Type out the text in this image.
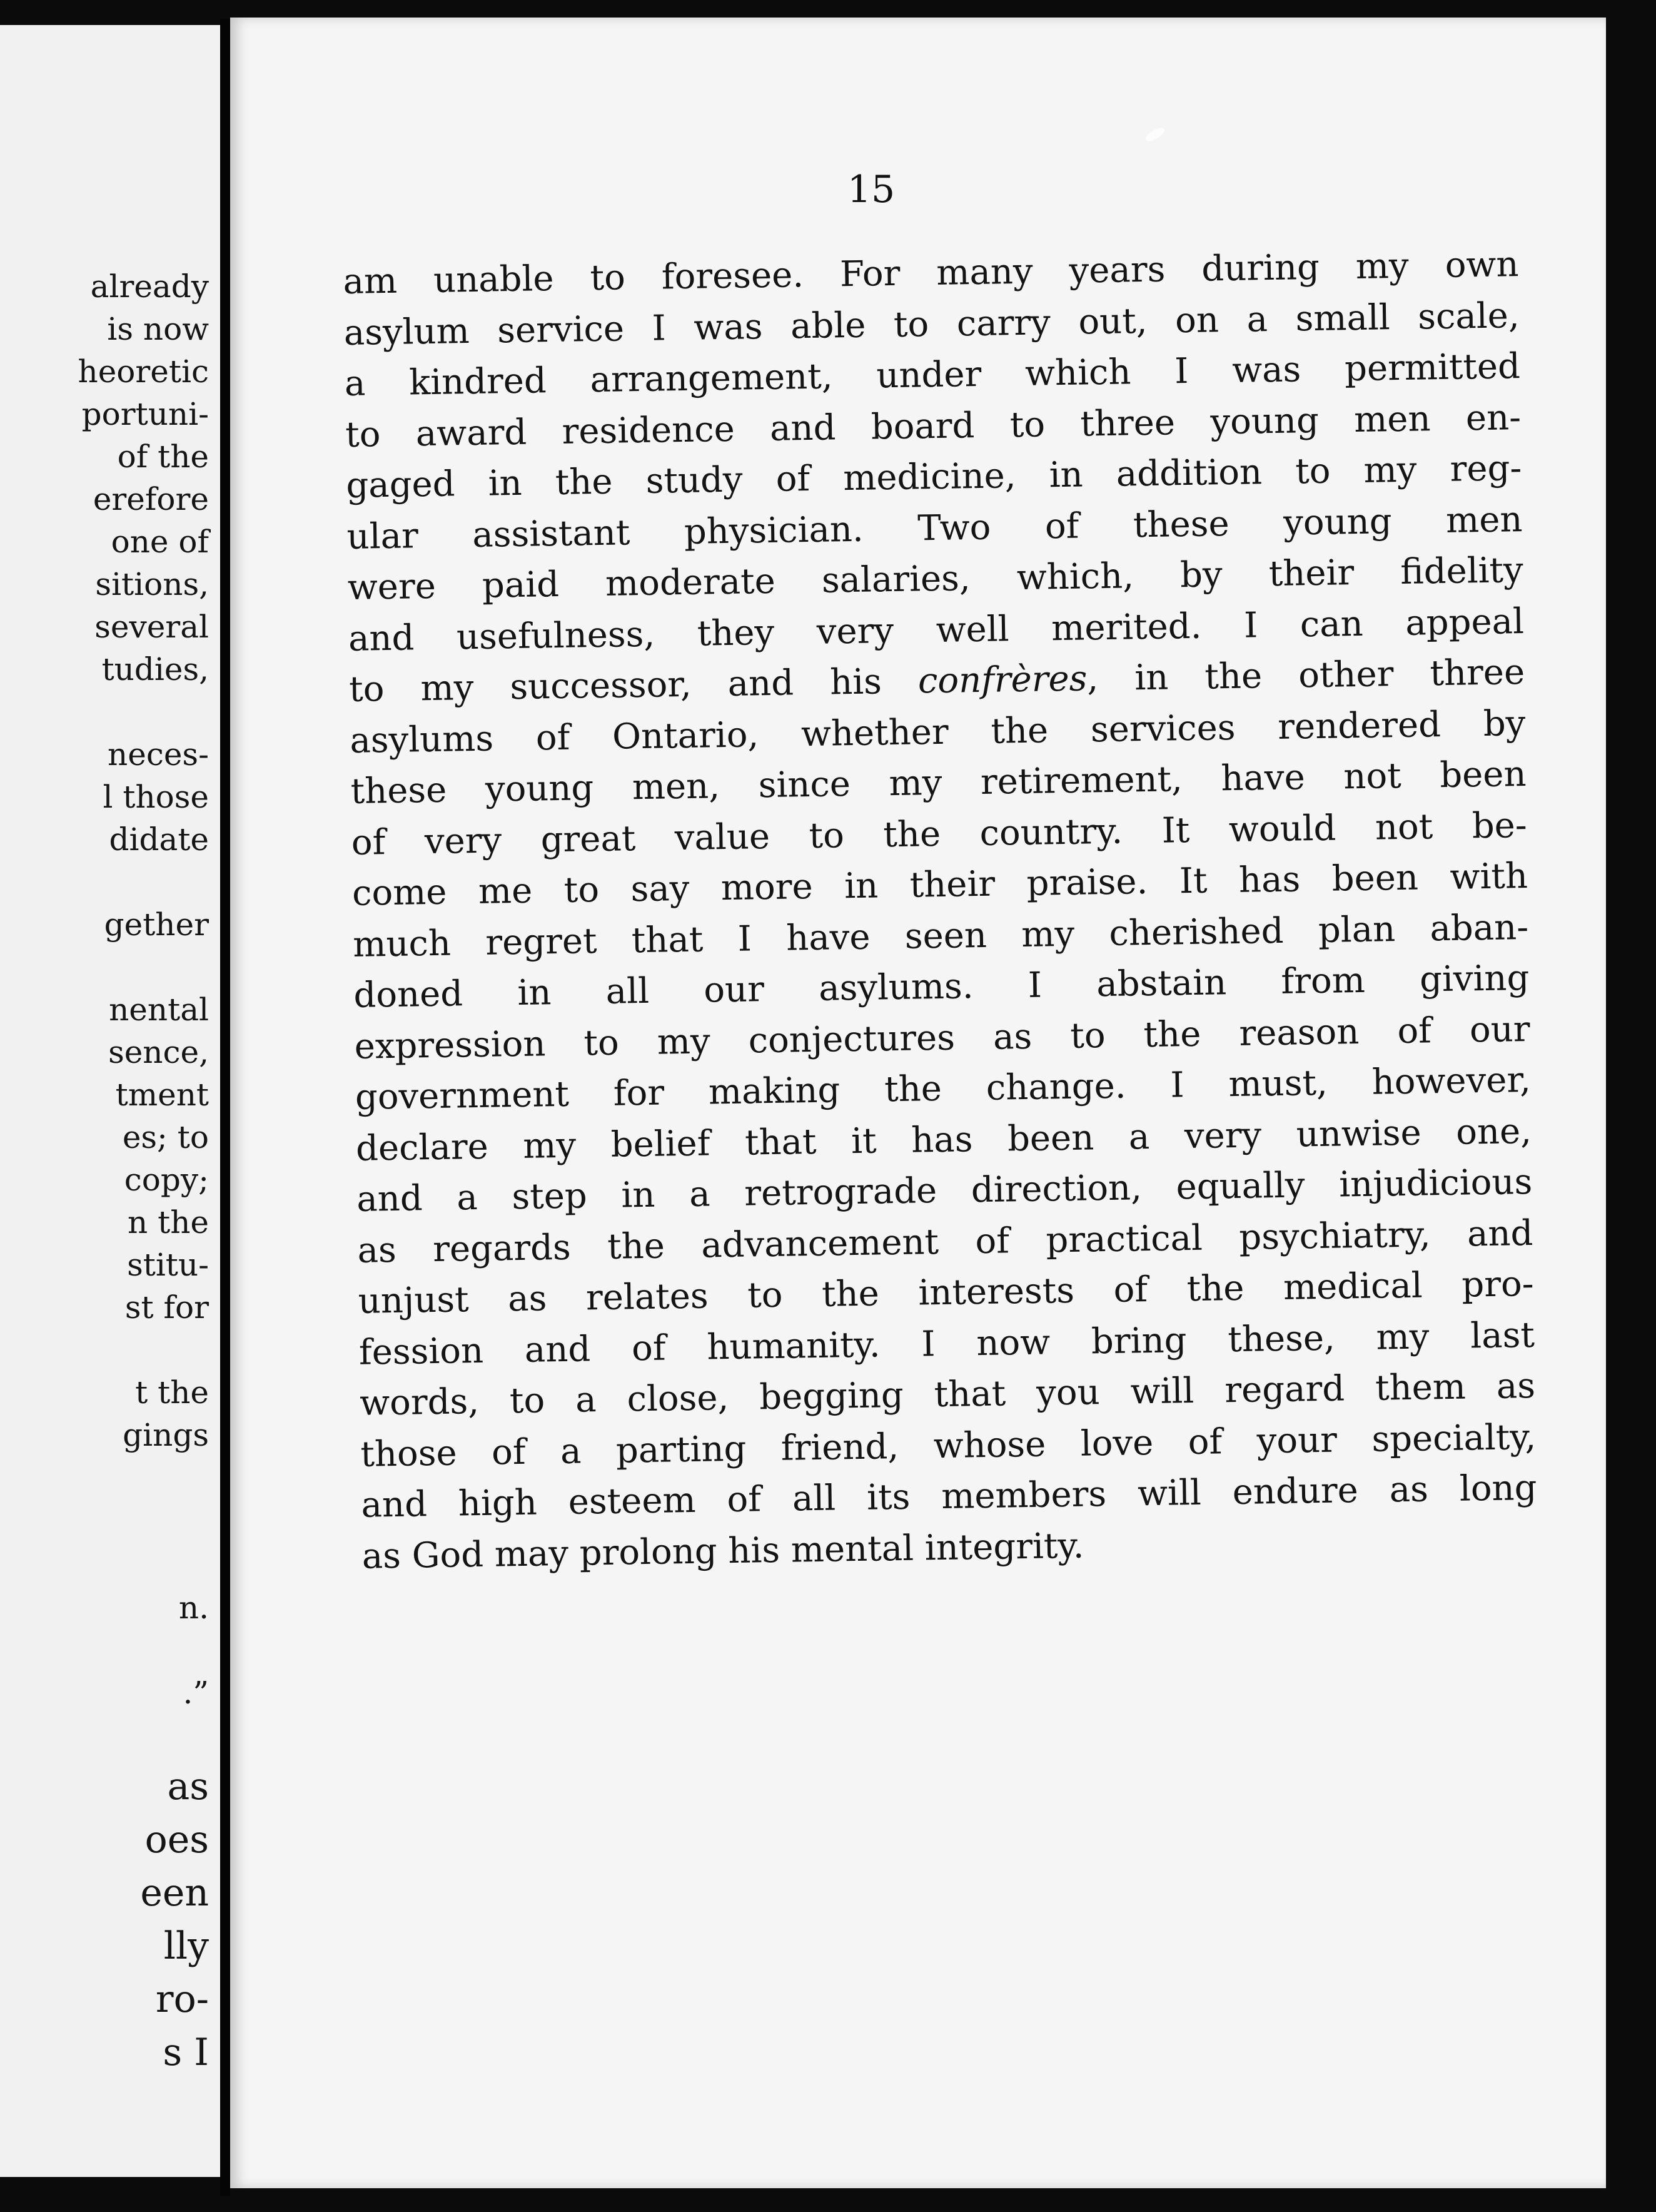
already
is now
heoretic
portuni-
of the
erefore
one of
sitions,
several
tudies,
neces-
l those
didate
gether
nental
sence,
tment
es; to
copy;
n the
stitu-
st for
t the
gings
n.
.”
as
oes
een
lly
ro-
s I
15
am unable to foresee. For many years during my own
asylum service I was able to carry out, on a small scale,
a kindred arrangement, under which I was permitted
to award residence and board to three young men en-
gaged in the study of medicine, in addition to my reg-
ular assistant physician. Two of these young men
were paid moderate salaries, which, by their fidelity
and usefulness, they very well merited. I can appeal
to my successor, and his confrères, in the other three
asylums of Ontario, whether the services rendered by
these young men, since my retirement, have not been
of very great value to the country. It would not be-
come me to say more in their praise. It has been with
much regret that I have seen my cherished plan aban-
doned in all our asylums. I abstain from giving
expression to my conjectures as to the reason of our
government for making the change. I must, however,
declare my belief that it has been a very unwise one,
and a step in a retrograde direction, equally injudicious
as regards the advancement of practical psychiatry, and
unjust as relates to the interests of the medical pro-
fession and of humanity. I now bring these, my last
words, to a close, begging that you will regard them as
those of a parting friend, whose love of your specialty,
and high esteem of all its members will endure as long
as God may prolong his mental integrity.
